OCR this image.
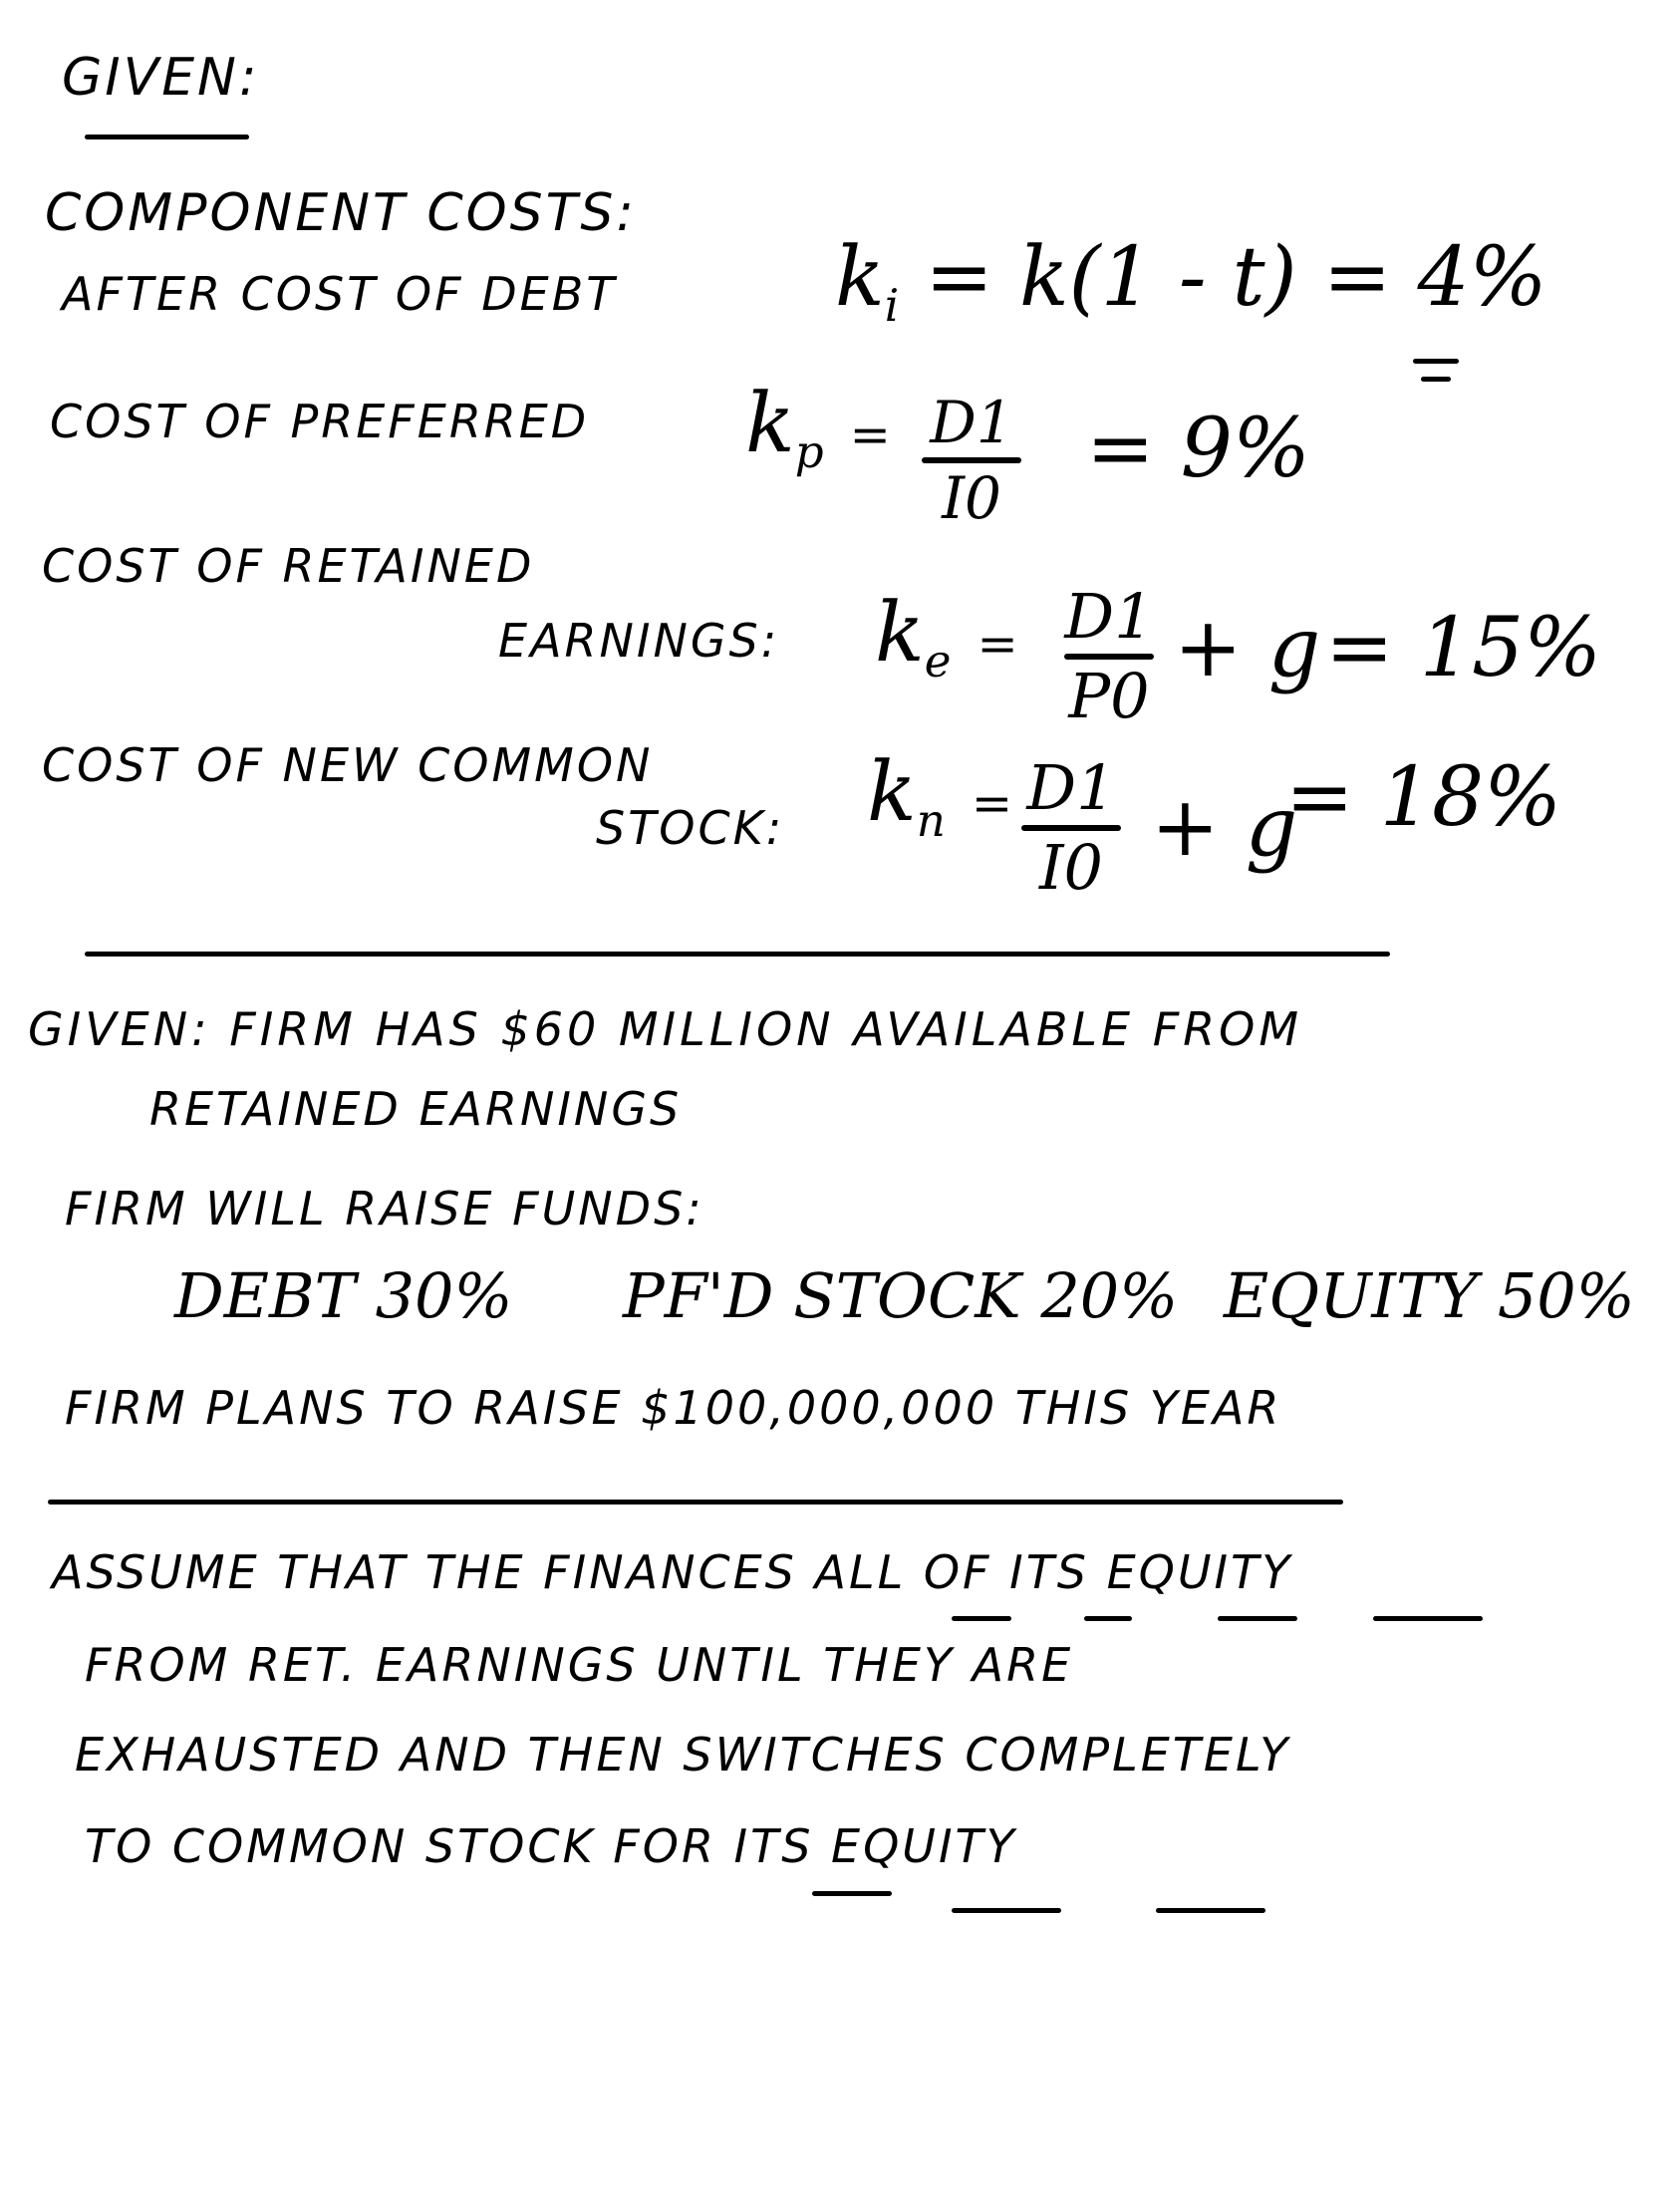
GIVEN:
COMPONENT COSTS:
AFTER COST OF DEBT	$k_i = k(1 - t) = 4\%$
COST OF PREFERRED $k_p = D1$
I0
= 9%
COST OF RETAINED
EARNINGS: $k_e = D1$
P0
+ g = 15%
COST OF NEW COMMON
STOCK: $k_n = D1$
I0 + g
= 18%
GIVEN: FIRM HAS $60 MILLION AVAILABLE FROM
RETAINED EARNINGS
FIRM WILL RAISE FUNDS:
DEBT 30% PF'D STOCK 20% EQUITY 50%
FIRM PLANS TO RAISE $100,000,000 THIS YEAR
ASSUME THAT THE FINANCES ALL OF ITS EQUITY
FROM RET. EARNINGS UNTIL THEY ARE
EXHAUSTED AND THEN SWITCHES COMPLETELY
TO COMMON STOCK FOR ITS EQUITY
